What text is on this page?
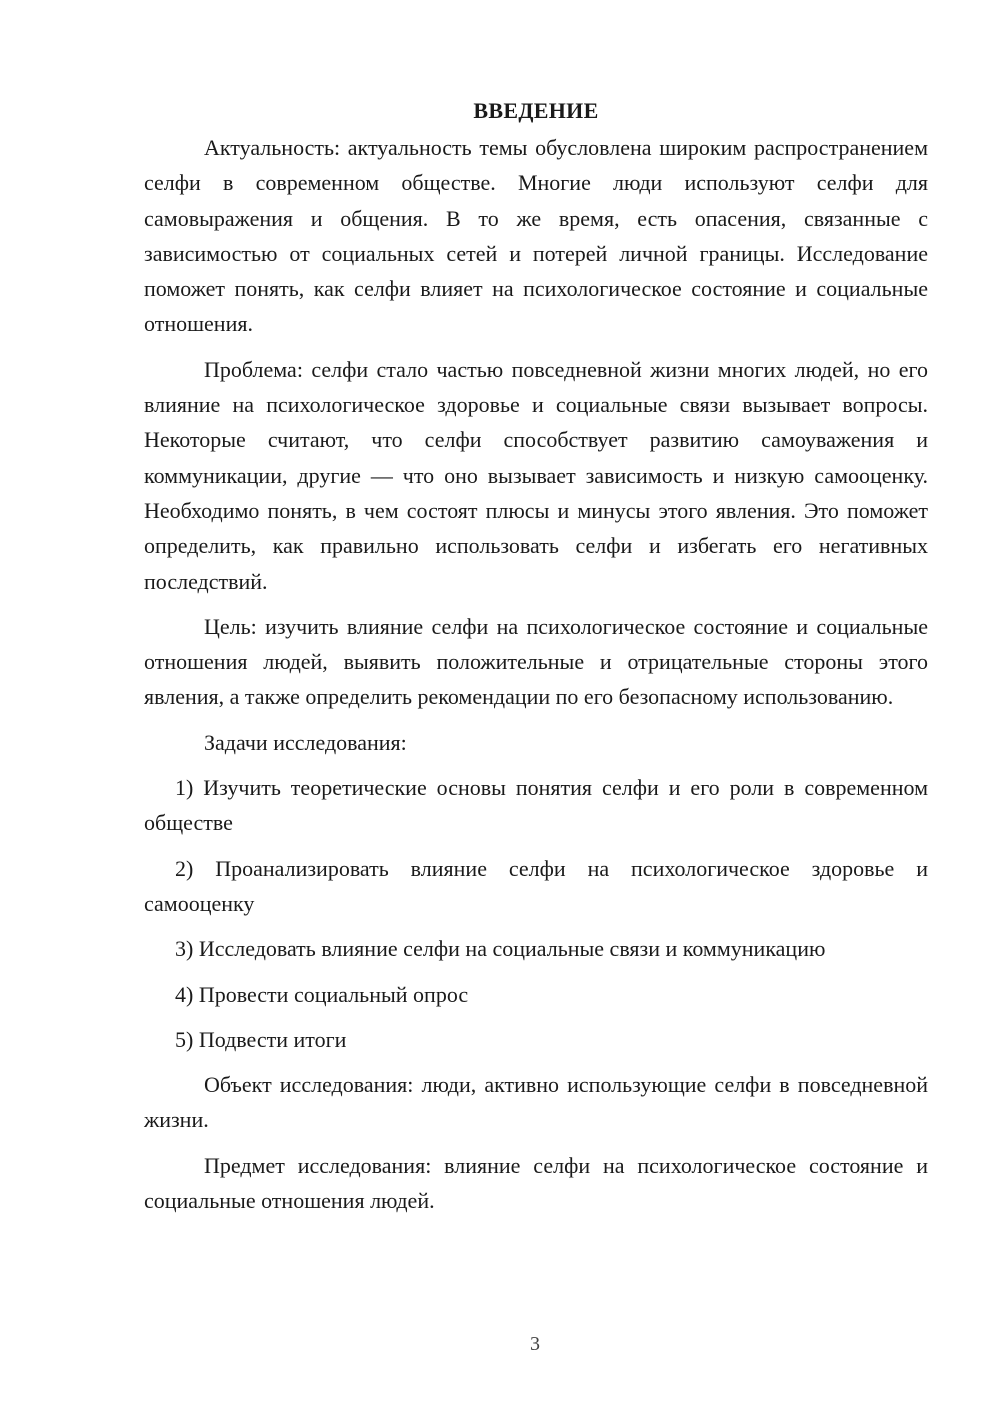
ВВЕДЕНИЕ

Актуальность: актуальность темы обусловлена широким распространением селфи в современном обществе. Многие люди используют селфи для самовыражения и общения. В то же время, есть опасения, связанные с зависимостью от социальных сетей и потерей личной границы. Исследование поможет понять, как селфи влияет на психологическое состояние и социальные отношения.

Проблема: селфи стало частью повседневной жизни многих людей, но его влияние на психологическое здоровье и социальные связи вызывает вопросы. Некоторые считают, что селфи способствует развитию самоуважения и коммуникации, другие — что оно вызывает зависимость и низкую самооценку. Необходимо понять, в чем состоят плюсы и минусы этого явления. Это поможет определить, как правильно использовать селфи и избегать его негативных последствий.

Цель: изучить влияние селфи на психологическое состояние и социальные отношения людей, выявить положительные и отрицательные стороны этого явления, а также определить рекомендации по его безопасному использованию.

Задачи исследования:

1) Изучить теоретические основы понятия селфи и его роли в современном обществе

2) Проанализировать влияние селфи на психологическое здоровье и самооценку

3) Исследовать влияние селфи на социальные связи и коммуникацию

4) Провести социальный опрос

5) Подвести итоги

Объект исследования: люди, активно использующие селфи в повседневной жизни.

Предмет исследования: влияние селфи на психологическое состояние и социальные отношения людей.

3
